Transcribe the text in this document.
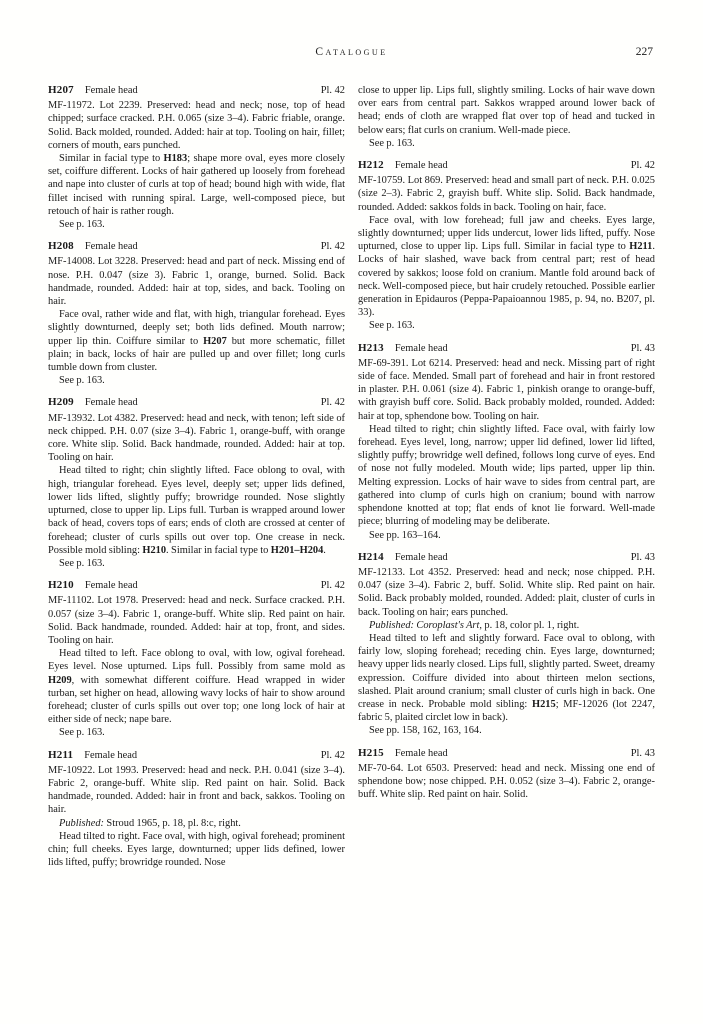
Catalogue	227
H207 Female head	Pl. 42

MF-11972. Lot 2239. Preserved: head and neck; nose, top of head chipped; surface cracked. P.H. 0.065 (size 3–4). Fabric friable, orange. Solid. Back molded, rounded. Added: hair at top. Tooling on hair, fillet; corners of mouth, ears punched.

Similar in facial type to H183; shape more oval, eyes more closely set, coiffure different. Locks of hair gathered up loosely from forehead and nape into cluster of curls at top of head; bound high with wide, flat fillet incised with running spiral. Large, well-composed piece, but retouch of hair is rather rough.

See p. 163.

H208 Female head	Pl. 42

MF-14008. Lot 3228. Preserved: head and part of neck. Missing end of nose. P.H. 0.047 (size 3). Fabric 1, orange, burned. Solid. Back handmade, rounded. Added: hair at top, sides, and back. Tooling on hair.

Face oval, rather wide and flat, with high, triangular forehead. Eyes slightly downturned, deeply set; both lids defined. Mouth narrow; upper lip thin. Coiffure similar to H207 but more schematic, fillet plain; in back, locks of hair are pulled up and over fillet; long curls tumble down from cluster.

See p. 163.

H209 Female head	Pl. 42

MF-13932. Lot 4382. Preserved: head and neck, with tenon; left side of neck chipped. P.H. 0.07 (size 3–4). Fabric 1, orange-buff, with orange core. White slip. Solid. Back handmade, rounded. Added: hair at top. Tooling on hair.

Head tilted to right; chin slightly lifted. Face oblong to oval, with high, triangular forehead. Eyes level, deeply set; upper lids defined, lower lids lifted, slightly puffy; browridge rounded. Nose slightly upturned, close to upper lip. Lips full. Turban is wrapped around lower back of head, covers tops of ears; ends of cloth are crossed at center of forehead; cluster of curls spills out over top. One crease in neck. Possible mold sibling: H210. Similar in facial type to H201–H204.

See p. 163.

H210 Female head	Pl. 42

MF-11102. Lot 1978. Preserved: head and neck. Surface cracked. P.H. 0.057 (size 3–4). Fabric 1, orange-buff. White slip. Red paint on hair. Solid. Back handmade, rounded. Added: hair at top, front, and sides. Tooling on hair.

Head tilted to left. Face oblong to oval, with low, ogival forehead. Eyes level. Nose upturned. Lips full. Possibly from same mold as H209, with somewhat different coiffure. Head wrapped in wider turban, set higher on head, allowing wavy locks of hair to show around forehead; cluster of curls spills out over top; one long lock of hair at either side of neck; nape bare.

See p. 163.

H211 Female head	Pl. 42

MF-10922. Lot 1993. Preserved: head and neck. P.H. 0.041 (size 3–4). Fabric 2, orange-buff. White slip. Red paint on hair. Solid. Back handmade, rounded. Added: hair in front and back, sakkos. Tooling on hair.

Published: Stroud 1965, p. 18, pl. 8:c, right.

Head tilted to right. Face oval, with high, ogival forehead; prominent chin; full cheeks. Eyes large, downturned; upper lids defined, lower lids lifted, puffy; browridge rounded. Nose

close to upper lip. Lips full, slightly smiling. Locks of hair wave down over ears from central part. Sakkos wrapped around lower back of head; ends of cloth are wrapped flat over top of head and tucked in below ears; flat curls on cranium. Well-made piece.

See p. 163.

H212 Female head	Pl. 42

MF-10759. Lot 869. Preserved: head and small part of neck. P.H. 0.025 (size 2–3). Fabric 2, grayish buff. White slip. Solid. Back handmade, rounded. Added: sakkos folds in back. Tooling on hair, face.

Face oval, with low forehead; full jaw and cheeks. Eyes large, slightly downturned; upper lids undercut, lower lids lifted, puffy. Nose upturned, close to upper lip. Lips full. Similar in facial type to H211. Locks of hair slashed, wave back from central part; rest of head covered by sakkos; loose fold on cranium. Mantle fold around back of neck. Well-composed piece, but hair crudely retouched. Possible earlier generation in Epidauros (Peppa-Papaioannou 1985, p. 94, no. B207, pl. 33).

See p. 163.

H213 Female head	Pl. 43

MF-69-391. Lot 6214. Preserved: head and neck. Missing part of right side of face. Mended. Small part of forehead and hair in front restored in plaster. P.H. 0.061 (size 4). Fabric 1, pinkish orange to orange-buff, with grayish buff core. Solid. Back probably molded, rounded. Added: hair at top, sphendone bow. Tooling on hair.

Head tilted to right; chin slightly lifted. Face oval, with fairly low forehead. Eyes level, long, narrow; upper lid defined, lower lid lifted, slightly puffy; browridge well defined, follows long curve of eyes. End of nose not fully modeled. Mouth wide; lips parted, upper lip thin. Melting expression. Locks of hair wave to sides from central part, are gathered into clump of curls high on cranium; bound with narrow sphendone knotted at top; flat ends of knot lie forward. Well-made piece; blurring of modeling may be deliberate.

See pp. 163–164.

H214 Female head	Pl. 43

MF-12133. Lot 4352. Preserved: head and neck; nose chipped. P.H. 0.047 (size 3–4). Fabric 2, buff. Solid. White slip. Red paint on hair. Solid. Back probably molded, rounded. Added: plait, cluster of curls in back. Tooling on hair; ears punched.

Published: Coroplast's Art, p. 18, color pl. 1, right.

Head tilted to left and slightly forward. Face oval to oblong, with fairly low, sloping forehead; receding chin. Eyes large, downturned; heavy upper lids nearly closed. Lips full, slightly parted. Sweet, dreamy expression. Coiffure divided into about thirteen melon sections, slashed. Plait around cranium; small cluster of curls high in back. One crease in neck. Probable mold sibling: H215; MF-12026 (lot 2247, fabric 5, plaited circlet low in back).

See pp. 158, 162, 163, 164.

H215 Female head	Pl. 43

MF-70-64. Lot 6503. Preserved: head and neck. Missing one end of sphendone bow; nose chipped. P.H. 0.052 (size 3–4). Fabric 2, orange-buff. White slip. Red paint on hair. Solid.
